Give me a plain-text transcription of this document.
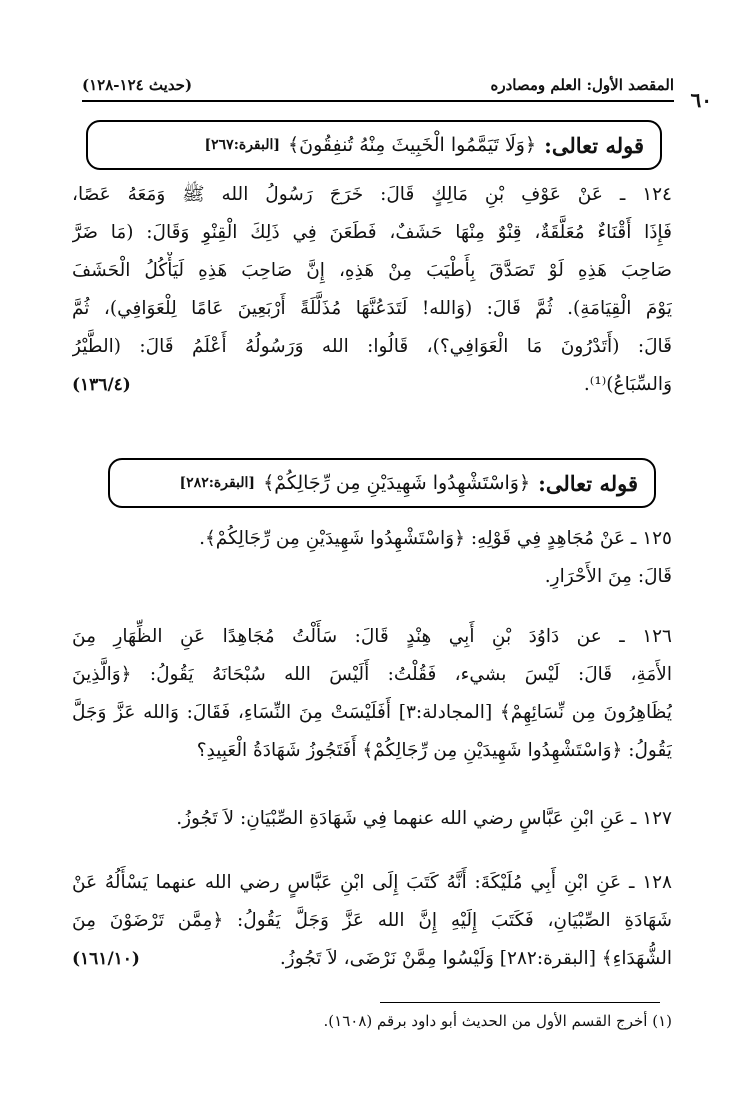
المقصد الأول: العلم ومصادره
(حديث ١٢٤-١٢٨)
٦٠
قوله تعالى:
﴿وَلَا تَيَمَّمُوا الْخَبِيثَ مِنْهُ تُنفِقُونَ﴾
[البقرة:٢٦٧]
١٢٤ ـ عَنْ عَوْفِ بْنِ مَالِكٍ قَالَ: خَرَجَ رَسُولُ الله ﷺ وَمَعَهُ عَصًا،
فَإِذَا أَقْنَاءٌ مُعَلَّقَةٌ، قِنْوٌ مِنْهَا حَشَفٌ، فَطَعَنَ فِي ذَلِكَ الْقِنْوِ وَقَالَ: (مَا ضَرَّ
صَاحِبَ هَذِهِ لَوْ تَصَدَّقَ بِأَطْيَبَ مِنْ هَذِهِ، إِنَّ صَاحِبَ هَذِهِ لَيَأْكُلُ الْحَشَفَ
يَوْمَ الْقِيَامَةِ). ثُمَّ قَالَ: (وَالله! لَتَدَعُنَّهَا مُذَلَّلَةً أَرْبَعِينَ عَامًا لِلْعَوَافِي)، ثُمَّ
قَالَ: (أَتَدْرُونَ مَا الْعَوَافِي؟)، قَالُوا: الله وَرَسُولُهُ أَعْلَمُ قَالَ: (الطَّيْرُ
وَالسِّبَاعُ)⁽¹⁾.
(١٣٦/٤)
قوله تعالى:
﴿وَاسْتَشْهِدُوا شَهِيدَيْنِ مِن رِّجَالِكُمْ﴾
[البقرة:٢٨٢]
١٢٥ ـ عَنْ مُجَاهِدٍ فِي قَوْلِهِ: ﴿وَاسْتَشْهِدُوا شَهِيدَيْنِ مِن رِّجَالِكُمْ﴾.
قَالَ: مِنَ الأَحْرَارِ.
١٢٦ ـ عن دَاوُدَ بْنِ أَبِي هِنْدٍ قَالَ: سَأَلْتُ مُجَاهِدًا عَنِ الظِّهَارِ مِنَ
الأَمَةِ، قَالَ: لَيْسَ بشيء، فَقُلْتُ: أَلَيْسَ الله سُبْحَانَهُ يَقُولُ: ﴿وَالَّذِينَ
يُظَاهِرُونَ مِن نِّسَائِهِمْ﴾ [المجادلة:٣] أَفَلَيْسَتْ مِنَ النِّسَاءِ، فَقَالَ: وَالله عَزَّ وَجَلَّ
يَقُولُ: ﴿وَاسْتَشْهِدُوا شَهِيدَيْنِ مِن رِّجَالِكُمْ﴾ أَفَتَجُوزُ شَهَادَةُ الْعَبِيدِ؟
١٢٧ ـ عَنِ ابْنِ عَبَّاسٍ رضي الله عنهما فِي شَهَادَةِ الصِّبْيَانِ: لاَ تَجُوزُ.
١٢٨ ـ عَنِ ابْنِ أَبِي مُلَيْكَةَ: أَنَّهُ كَتَبَ إِلَى ابْنِ عَبَّاسٍ رضي الله عنهما يَسْأَلُهُ عَنْ
شَهَادَةِ الصِّبْيَانِ، فَكَتَبَ إِلَيْهِ إِنَّ الله عَزَّ وَجَلَّ يَقُولُ: ﴿مِمَّن تَرْضَوْنَ مِنَ
الشُّهَدَاءِ﴾ [البقرة:٢٨٢] وَلَيْسُوا مِمَّنْ نَرْضَى، لاَ تَجُوزُ.
(١٦١/١٠)
(١) أخرج القسم الأول من الحديث أبو داود برقم (١٦٠٨).
